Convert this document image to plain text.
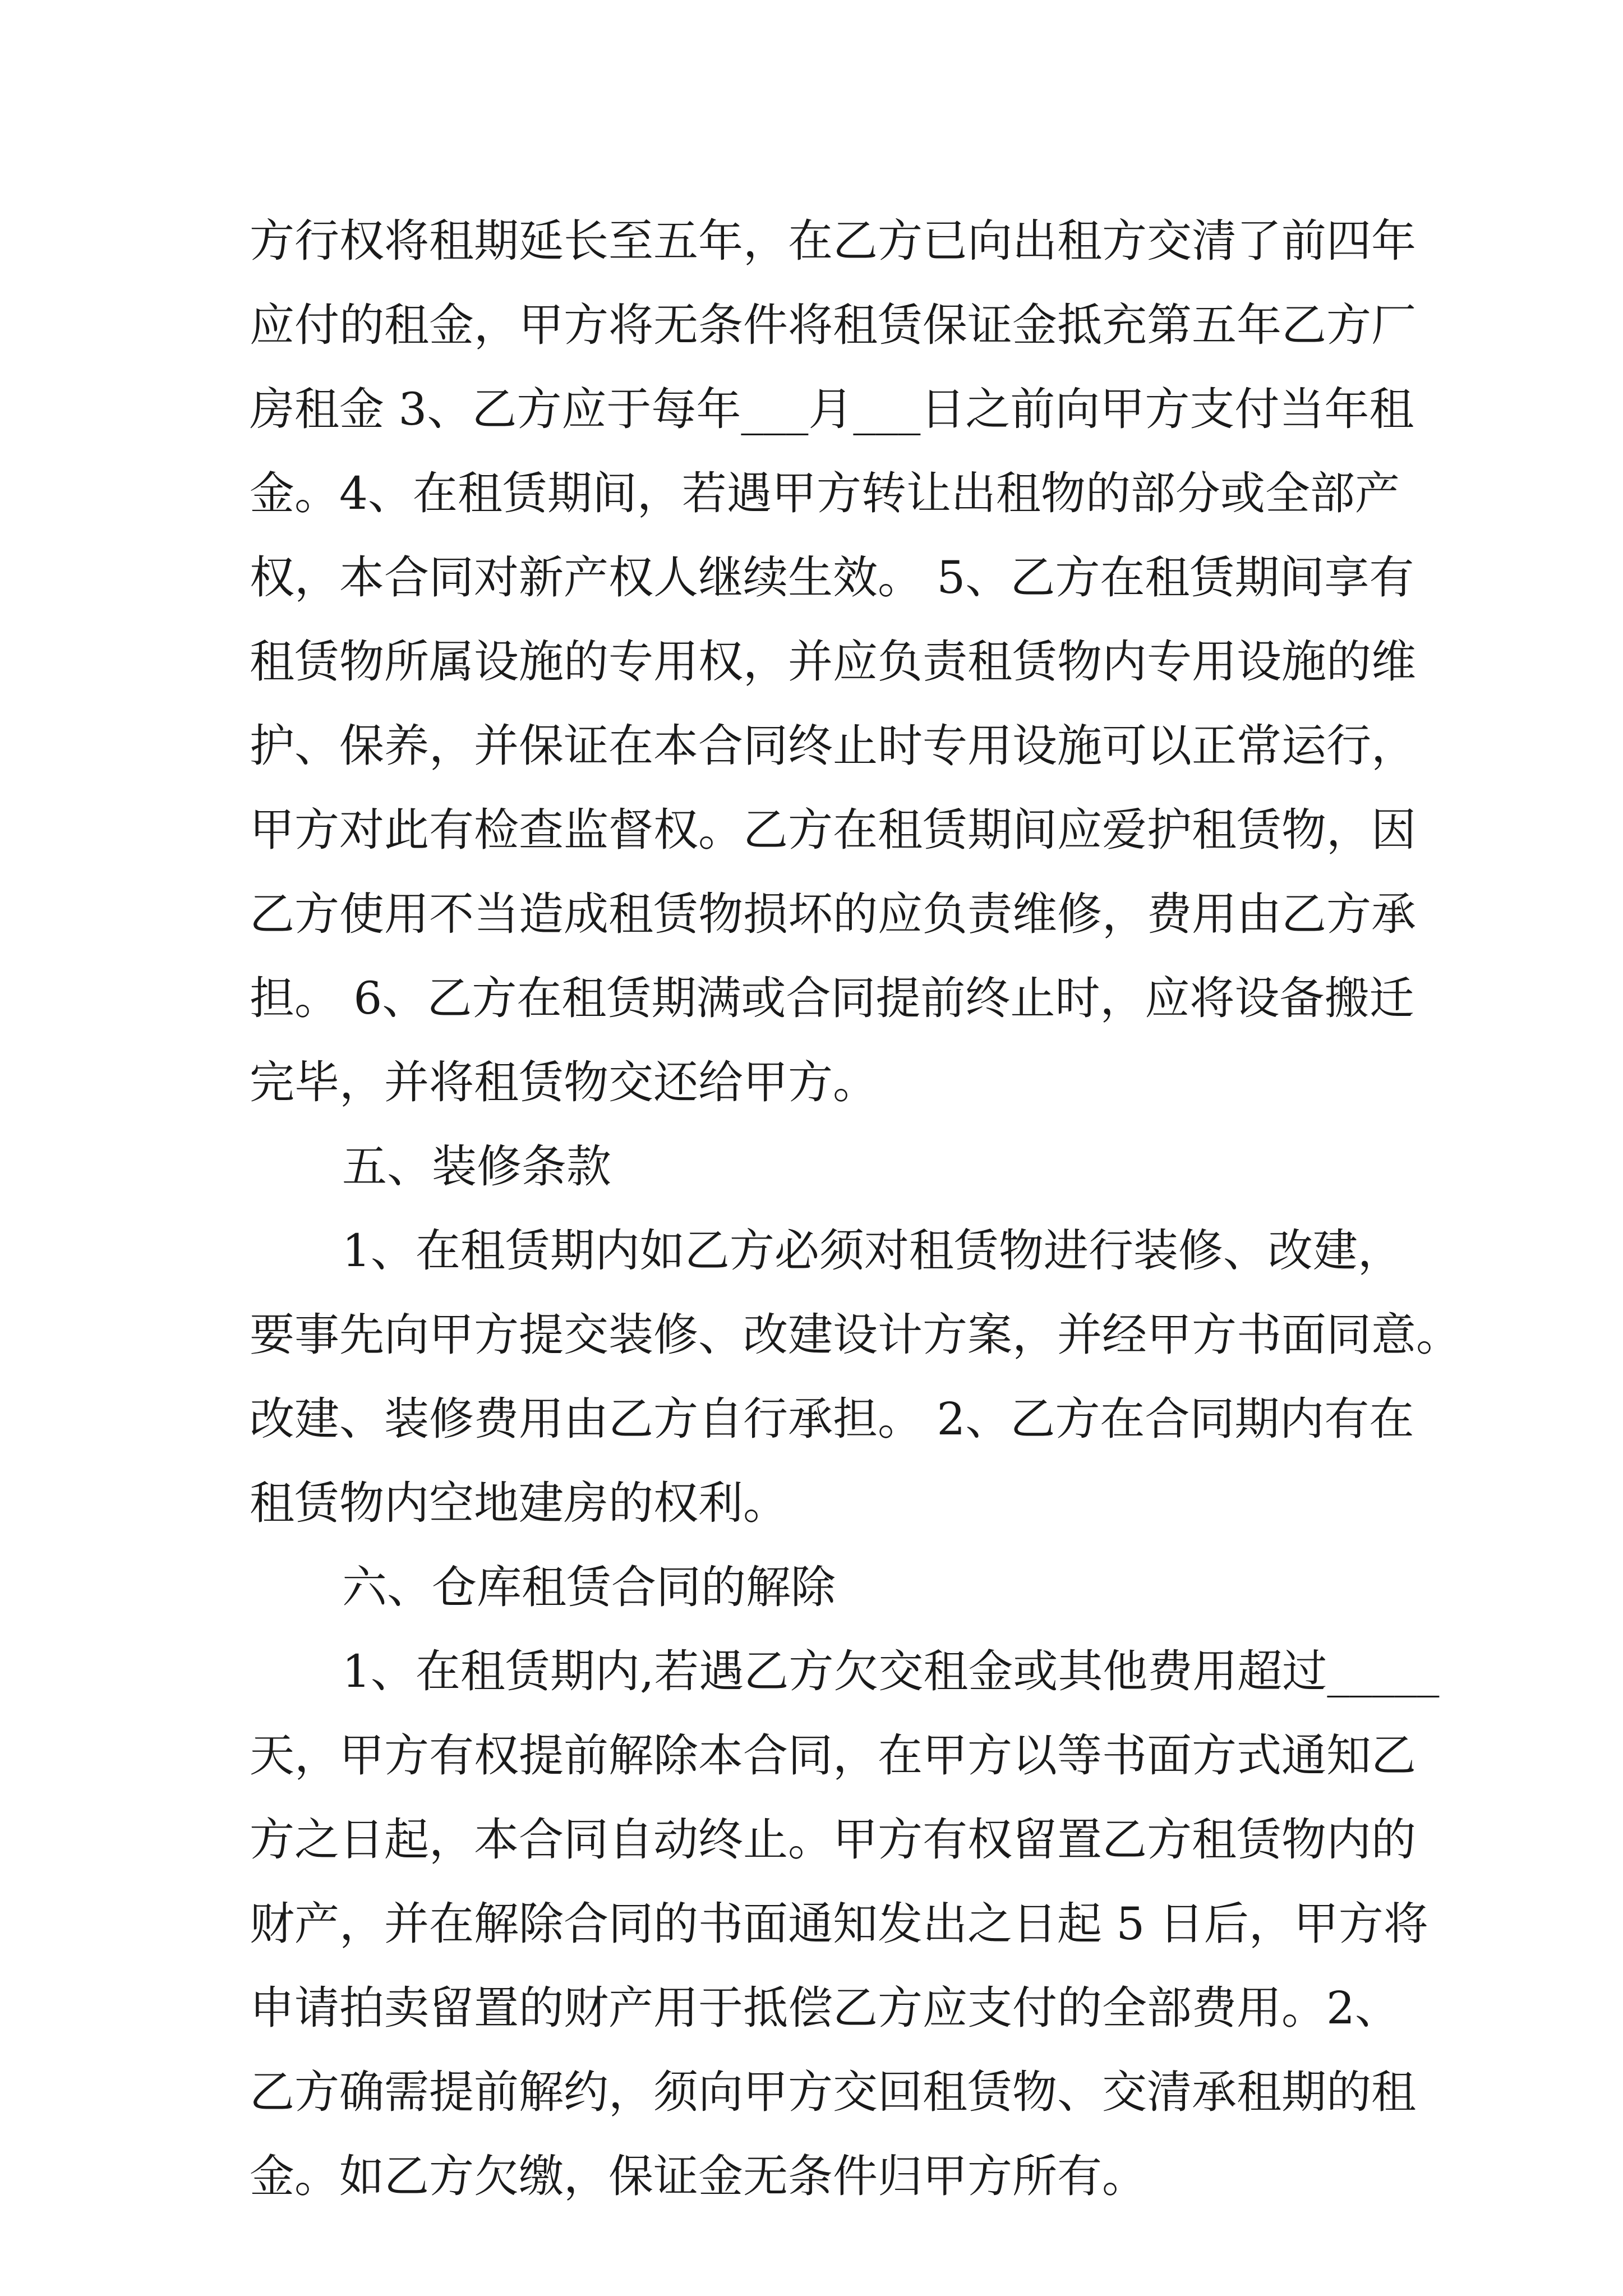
方行权将租期延长至五年，在乙方已向出租方交清了前四年
应付的租金，甲方将无条件将租赁保证金抵充第五年乙方厂
房租金 3、乙方应于每年___月___日之前向甲方支付当年租
金。4、在租赁期间，若遇甲方转让出租物的部分或全部产
权，本合同对新产权人继续生效。 5、乙方在租赁期间享有
租赁物所属设施的专用权，并应负责租赁物内专用设施的维
护、保养，并保证在本合同终止时专用设施可以正常运行，
甲方对此有检查监督权。乙方在租赁期间应爱护租赁物，因
乙方使用不当造成租赁物损坏的应负责维修，费用由乙方承
担。 6、乙方在租赁期满或合同提前终止时，应将设备搬迁
完毕，并将租赁物交还给甲方。
五、装修条款
1、在租赁期内如乙方必须对租赁物进行装修、改建，
要事先向甲方提交装修、改建设计方案，并经甲方书面同意。
改建、装修费用由乙方自行承担。 2、乙方在合同期内有在
租赁物内空地建房的权利。
六、仓库租赁合同的解除
1、在租赁期内,若遇乙方欠交租金或其他费用超过_____
天，甲方有权提前解除本合同，在甲方以等书面方式通知乙
方之日起，本合同自动终止。甲方有权留置乙方租赁物内的
财产，并在解除合同的书面通知发出之日起 5 日后，甲方将
申请拍卖留置的财产用于抵偿乙方应支付的全部费用。2、
乙方确需提前解约，须向甲方交回租赁物、交清承租期的租
金。如乙方欠缴，保证金无条件归甲方所有。
